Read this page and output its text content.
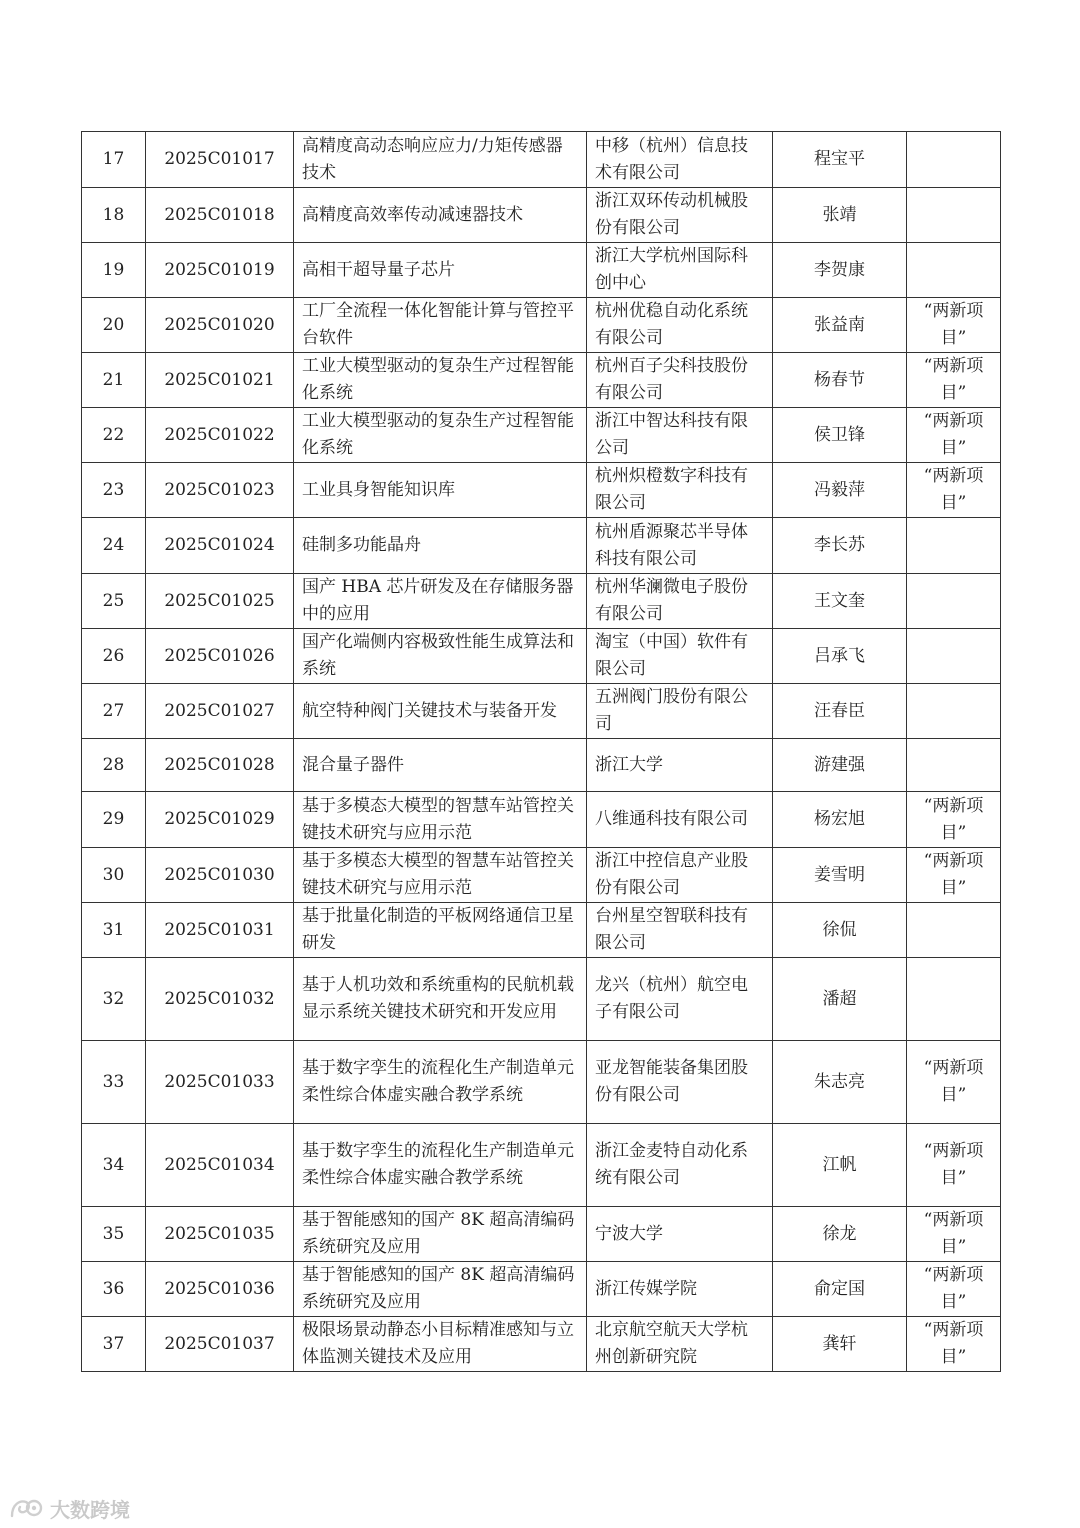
17	2025C01017	高精度高动态响应应力/力矩传感器技术	中移（杭州）信息技术有限公司	程宝平	
18	2025C01018	高精度高效率传动减速器技术	浙江双环传动机械股份有限公司	张靖	
19	2025C01019	高相干超导量子芯片	浙江大学杭州国际科创中心	李贺康	
20	2025C01020	工厂全流程一体化智能计算与管控平台软件	杭州优稳自动化系统有限公司	张益南	“两新项目”
21	2025C01021	工业大模型驱动的复杂生产过程智能化系统	杭州百子尖科技股份有限公司	杨春节	“两新项目”
22	2025C01022	工业大模型驱动的复杂生产过程智能化系统	浙江中智达科技有限公司	侯卫锋	“两新项目”
23	2025C01023	工业具身智能知识库	杭州炽橙数字科技有限公司	冯毅萍	“两新项目”
24	2025C01024	硅制多功能晶舟	杭州盾源聚芯半导体科技有限公司	李长苏	
25	2025C01025	国产 HBA 芯片研发及在存储服务器中的应用	杭州华澜微电子股份有限公司	王文奎	
26	2025C01026	国产化端侧内容极致性能生成算法和系统	淘宝（中国）软件有限公司	吕承飞	
27	2025C01027	航空特种阀门关键技术与装备开发	五洲阀门股份有限公司	汪春臣	
28	2025C01028	混合量子器件	浙江大学	游建强	
29	2025C01029	基于多模态大模型的智慧车站管控关键技术研究与应用示范	八维通科技有限公司	杨宏旭	“两新项目”
30	2025C01030	基于多模态大模型的智慧车站管控关键技术研究与应用示范	浙江中控信息产业股份有限公司	姜雪明	“两新项目”
31	2025C01031	基于批量化制造的平板网络通信卫星研发	台州星空智联科技有限公司	徐侃	
32	2025C01032	基于人机功效和系统重构的民航机载显示系统关键技术研究和开发应用	龙兴（杭州）航空电子有限公司	潘超	
33	2025C01033	基于数字孪生的流程化生产制造单元柔性综合体虚实融合教学系统	亚龙智能装备集团股份有限公司	朱志亮	“两新项目”
34	2025C01034	基于数字孪生的流程化生产制造单元柔性综合体虚实融合教学系统	浙江金麦特自动化系统有限公司	江帆	“两新项目”
35	2025C01035	基于智能感知的国产 8K 超高清编码系统研究及应用	宁波大学	徐龙	“两新项目”
36	2025C01036	基于智能感知的国产 8K 超高清编码系统研究及应用	浙江传媒学院	俞定国	“两新项目”
37	2025C01037	极限场景动静态小目标精准感知与立体监测关键技术及应用	北京航空航天大学杭州创新研究院	龚轩	“两新项目”
大数跨境
